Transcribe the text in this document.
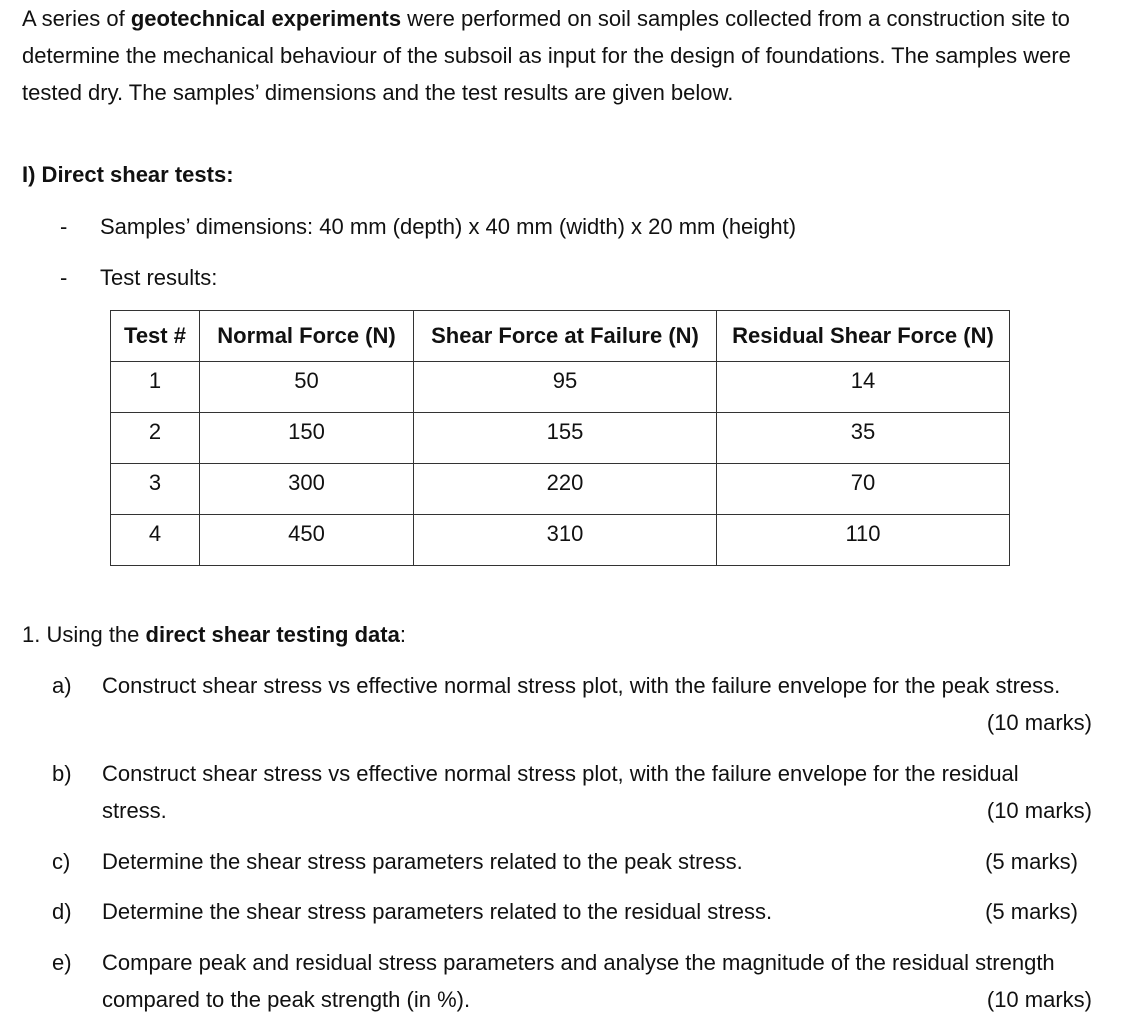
A series of geotechnical experiments were performed on soil samples collected from a construction site to determine the mechanical behaviour of the subsoil as input for the design of foundations. The samples were tested dry. The samples’ dimensions and the test results are given below.

I) Direct shear tests:

- Samples’ dimensions: 40 mm (depth) x 40 mm (width) x 20 mm (height)
- Test results:
Test #	Normal Force (N)	Shear Force at Failure (N)	Residual Shear Force (N)
1	50	95	14
2	150	155	35
3	300	220	70
4	450	310	110
1. Using the direct shear testing data:
a) Construct shear stress vs effective normal stress plot, with the failure envelope for the peak stress.
(10 marks)
b) Construct shear stress vs effective normal stress plot, with the failure envelope for the residual stress.	(10 marks)
c) Determine the shear stress parameters related to the peak stress.	(5 marks)
d) Determine the shear stress parameters related to the residual stress.	(5 marks)
e) Compare peak and residual stress parameters and analyse the magnitude of the residual strength compared to the peak strength (in %).	(10 marks)
